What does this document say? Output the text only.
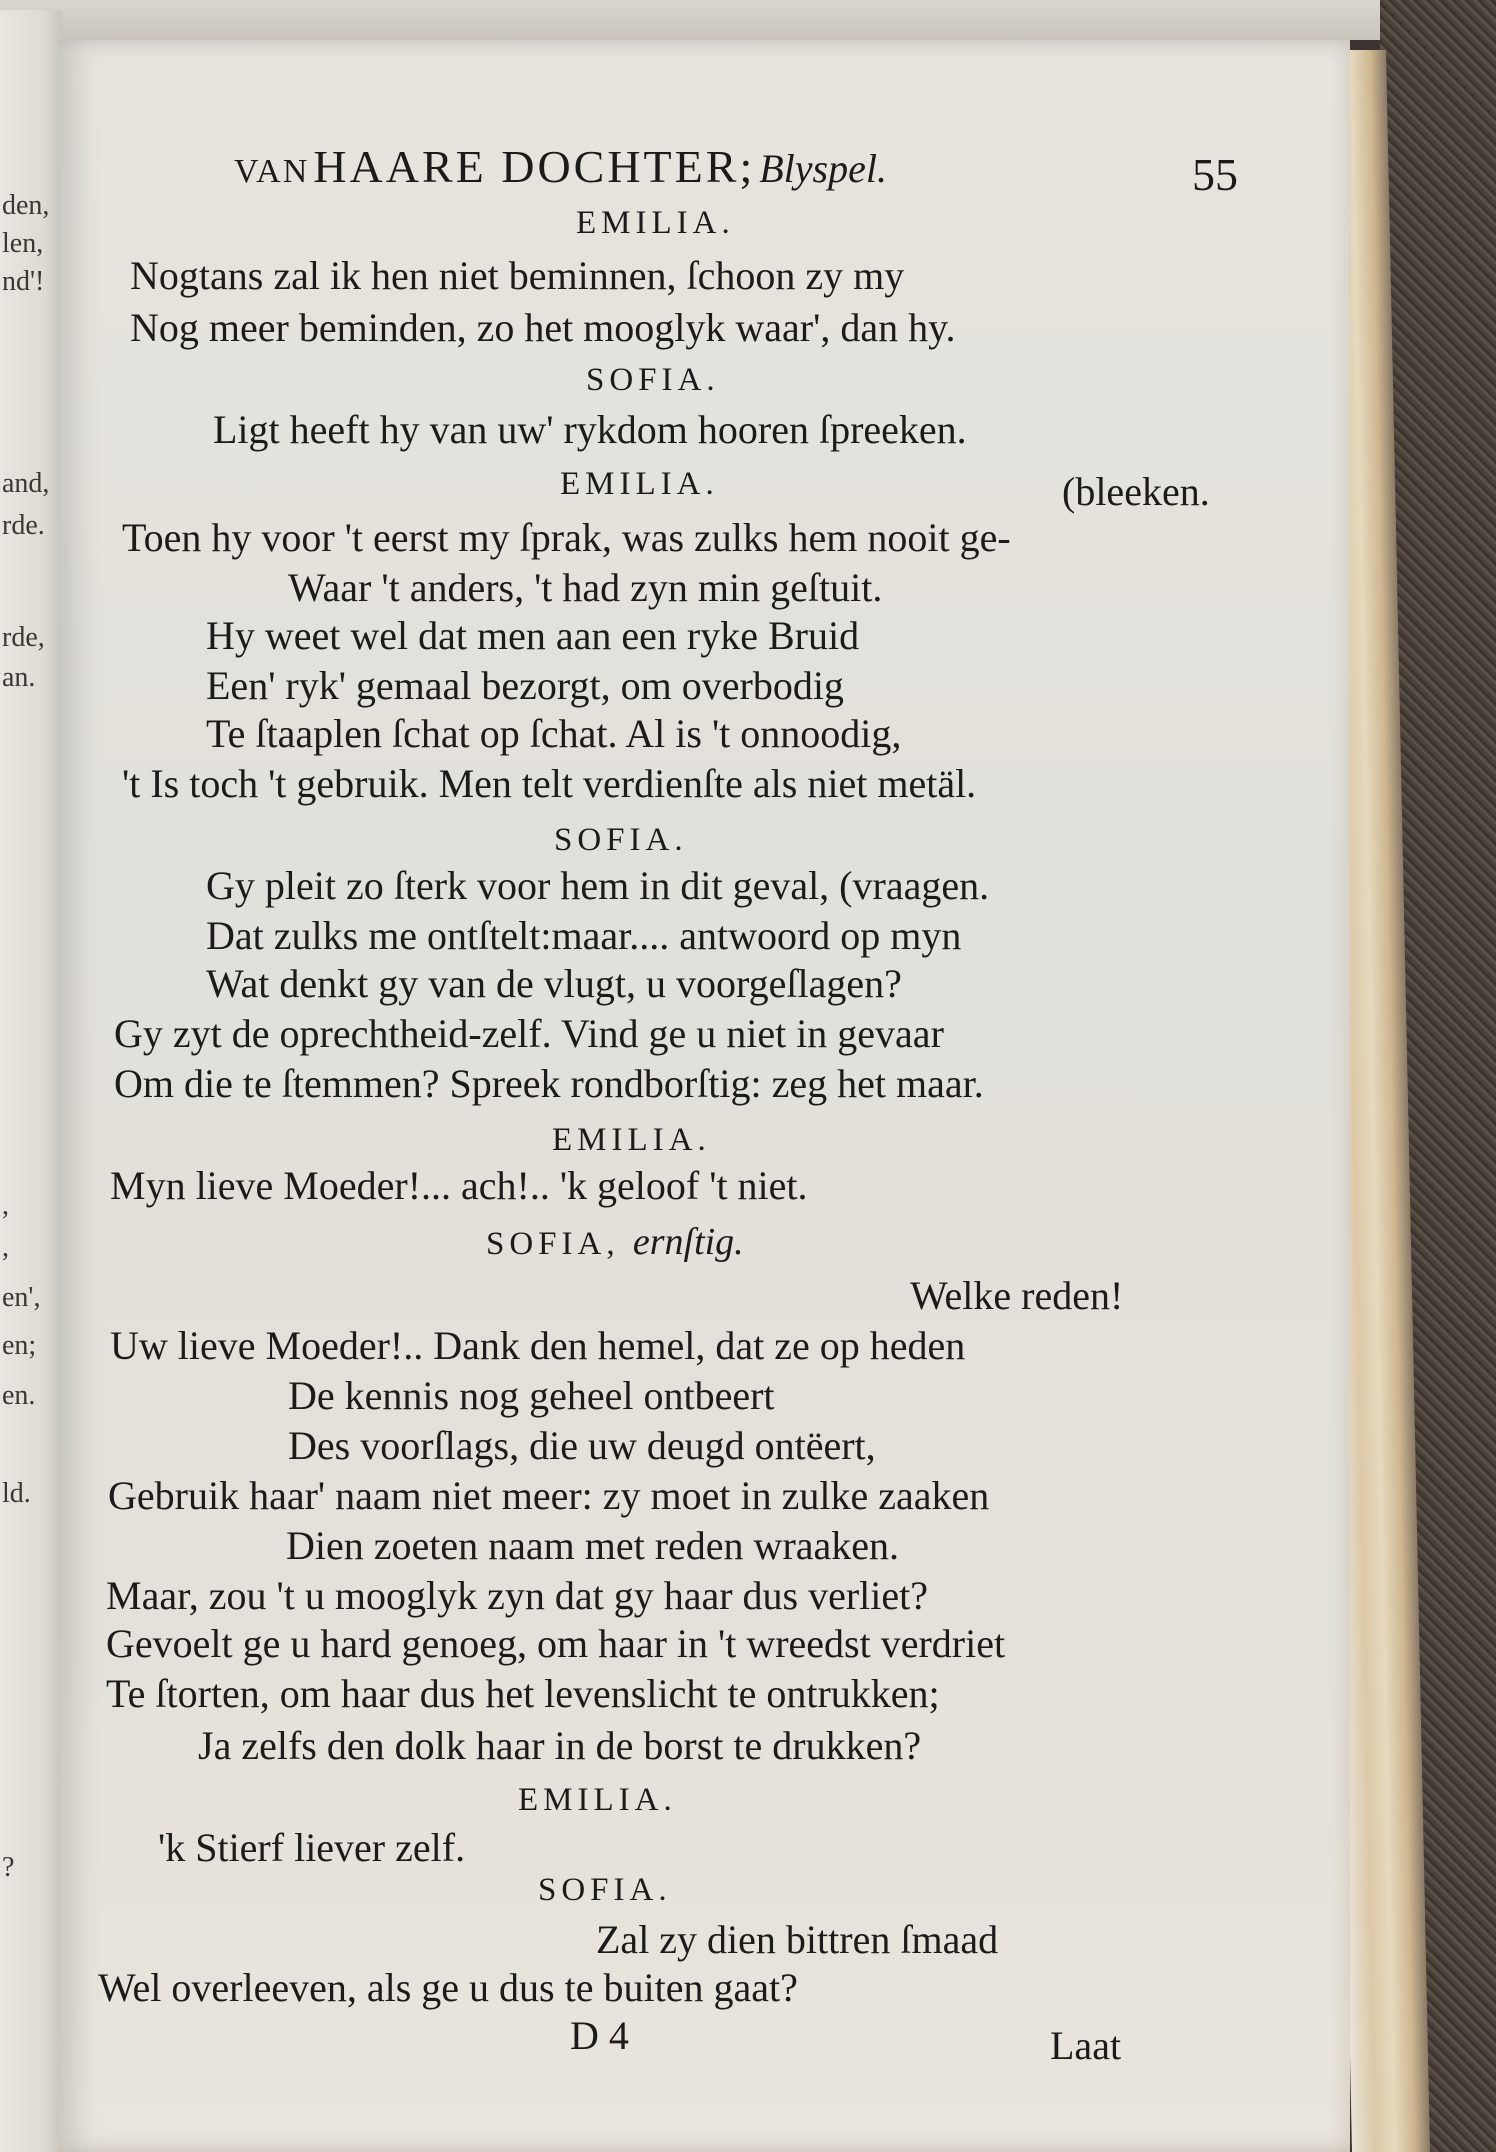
den,
len,
nd'!
and,
rde.
rde,
an.
,
,
en',
en;
en.
ld.
?
VAN HAARE DOCHTER; Blyspel.	55
EMILIA.
Nogtans zal ik hen niet beminnen, ſchoon zy my
Nog meer beminden, zo het mooglyk waar', dan hy.
SOFIA.
Ligt heeft hy van uw' rykdom hooren ſpreeken.
EMILIA.	(bleeken.
Toen hy voor 't eerst my ſprak, was zulks hem nooit ge-
Waar 't anders, 't had zyn min geſtuit.
Hy weet wel dat men aan een ryke Bruid
Een' ryk' gemaal bezorgt, om overbodig
Te ſtaaplen ſchat op ſchat. Al is 't onnoodig,
't Is toch 't gebruik. Men telt verdienſte als niet metäl.
SOFIA.
Gy pleit zo ſterk voor hem in dit geval, (vraagen.
Dat zulks me ontſtelt:maar.... antwoord op myn
Wat denkt gy van de vlugt, u voorgeſlagen?
Gy zyt de oprechtheid-zelf. Vind ge u niet in gevaar
Om die te ſtemmen? Spreek rondborſtig: zeg het maar.
EMILIA.
Myn lieve Moeder!... ach!.. 'k geloof 't niet.
SOFIA, ernſtig.
Welke reden!
Uw lieve Moeder!.. Dank den hemel, dat ze op heden
De kennis nog geheel ontbeert
Des voorſlags, die uw deugd ontëert,
Gebruik haar' naam niet meer: zy moet in zulke zaaken
Dien zoeten naam met reden wraaken.
Maar, zou 't u mooglyk zyn dat gy haar dus verliet?
Gevoelt ge u hard genoeg, om haar in 't wreedst verdriet
Te ſtorten, om haar dus het levenslicht te ontrukken;
Ja zelfs den dolk haar in de borst te drukken?
EMILIA.
'k Stierf liever zelf.
SOFIA.
Zal zy dien bittren ſmaad
Wel overleeven, als ge u dus te buiten gaat?
D 4	Laat
